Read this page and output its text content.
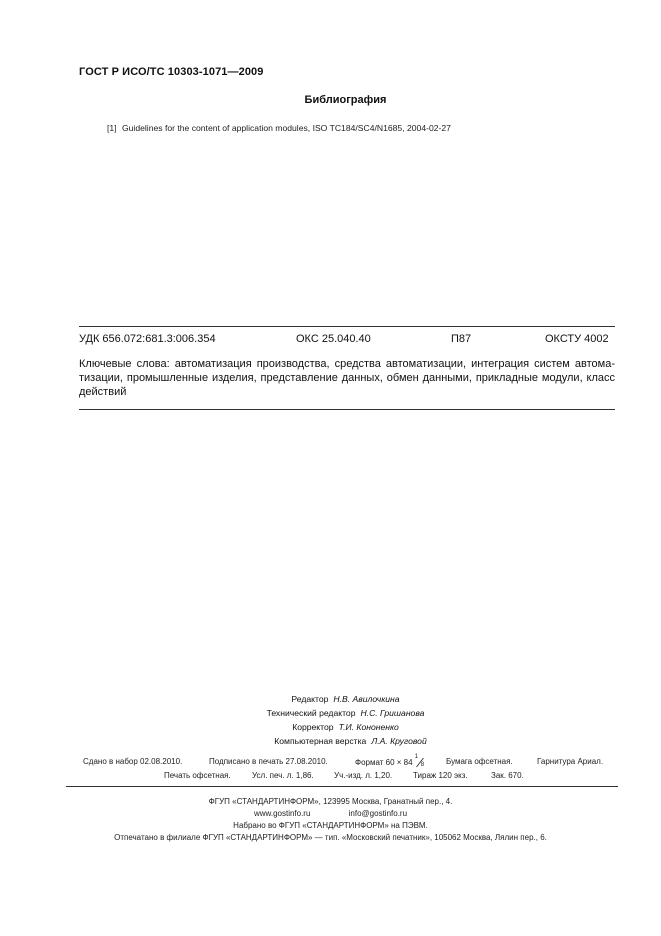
ГОСТ Р ИСО/ТС 10303-1071—2009
Библиография
[1] Guidelines for the content of application modules, ISO TC184/SC4/N1685, 2004-02-27
УДК 656.072:681.3:006.354	ОКС 25.040.40	П87	ОКСТУ 4002
Ключевые слова: автоматизация производства, средства автоматизации, интеграция систем автома-
тизации, промышленные изделия, представление данных, обмен данными, прикладные модули, класс
действий
Редактор Н.В. Авилочкина
Технический редактор Н.С. Гришанова
Корректор Т.И. Кононенко
Компьютерная верстка Л.А. Круговой
Сдано в набор 02.08.2010.	Подписано в печать 27.08.2010.	Формат 60 × 84
1
8	Бумага офсетная.	Гарнитура Ариал.
Печать офсетная.	Усл. печ. л. 1,86.	Уч.-изд. л. 1,20.	Тираж 120 экз.	Зак. 670.
ФГУП «СТАНДАРТИНФОРМ», 123995 Москва, Гранатный пер., 4.
www.gostinfo.ru	info@gostinfo.ru
Набрано во ФГУП «СТАНДАРТИНФОРМ» на ПЭВМ.
Отпечатано в филиале ФГУП «СТАНДАРТИНФОРМ» — тип. «Московский печатник», 105062 Москва, Лялин пер., 6.
